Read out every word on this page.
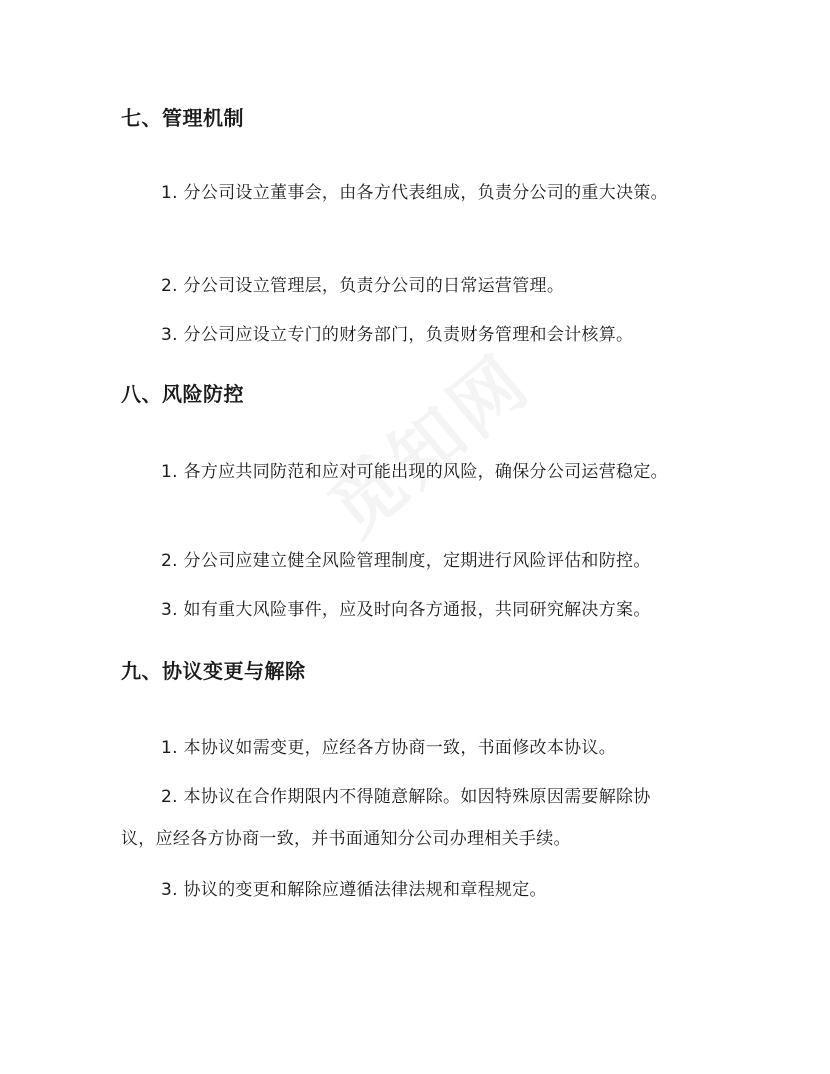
七、管理机制
1. 分公司设立董事会，由各方代表组成，负责分公司的重大决策。
2. 分公司设立管理层，负责分公司的日常运营管理。
3. 分公司应设立专门的财务部门，负责财务管理和会计核算。
八、风险防控
1. 各方应共同防范和应对可能出现的风险，确保分公司运营稳定。
2. 分公司应建立健全风险管理制度，定期进行风险评估和防控。
3. 如有重大风险事件，应及时向各方通报，共同研究解决方案。
九、协议变更与解除
1. 本协议如需变更，应经各方协商一致，书面修改本协议。
2. 本协议在合作期限内不得随意解除。如因特殊原因需要解除协议，应经各方协商一致，并书面通知分公司办理相关手续。
3. 协议的变更和解除应遵循法律法规和章程规定。
